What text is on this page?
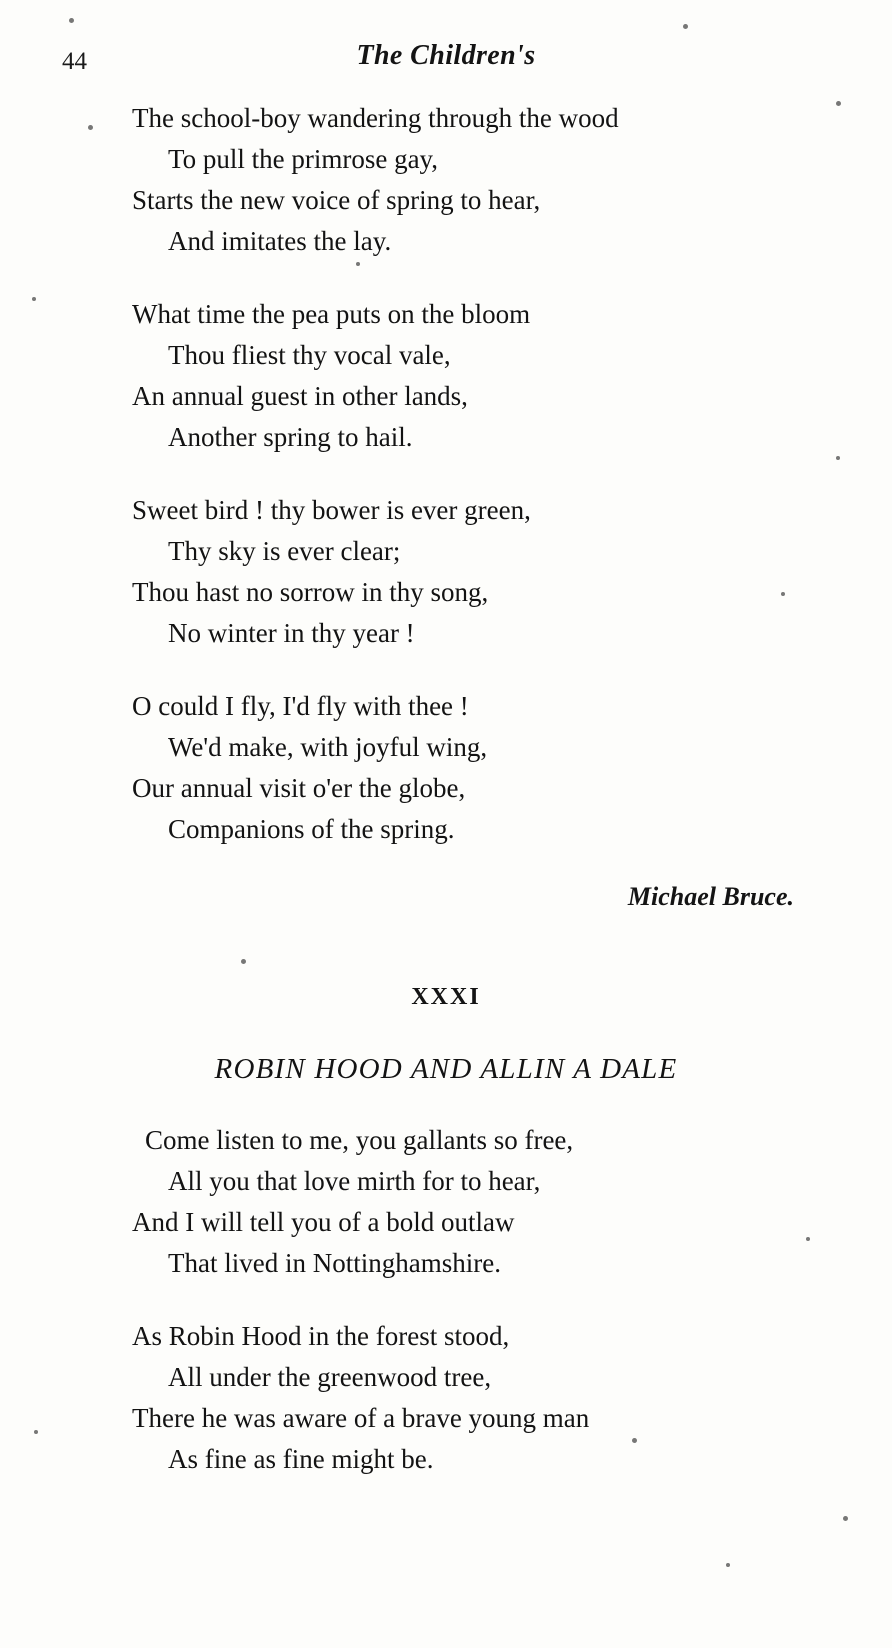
44	The Children's
The school-boy wandering through the wood
To pull the primrose gay,
Starts the new voice of spring to hear,
And imitates the lay.
What time the pea puts on the bloom
Thou fliest thy vocal vale,
An annual guest in other lands,
Another spring to hail.
Sweet bird ! thy bower is ever green,
Thy sky is ever clear;
Thou hast no sorrow in thy song,
No winter in thy year !
O could I fly, I'd fly with thee !
We'd make, with joyful wing,
Our annual visit o'er the globe,
Companions of the spring.
Michael Bruce.
XXXI
ROBIN HOOD AND ALLIN A DALE
Come listen to me, you gallants so free,
All you that love mirth for to hear,
And I will tell you of a bold outlaw
That lived in Nottinghamshire.
As Robin Hood in the forest stood,
All under the greenwood tree,
There he was aware of a brave young man
As fine as fine might be.
